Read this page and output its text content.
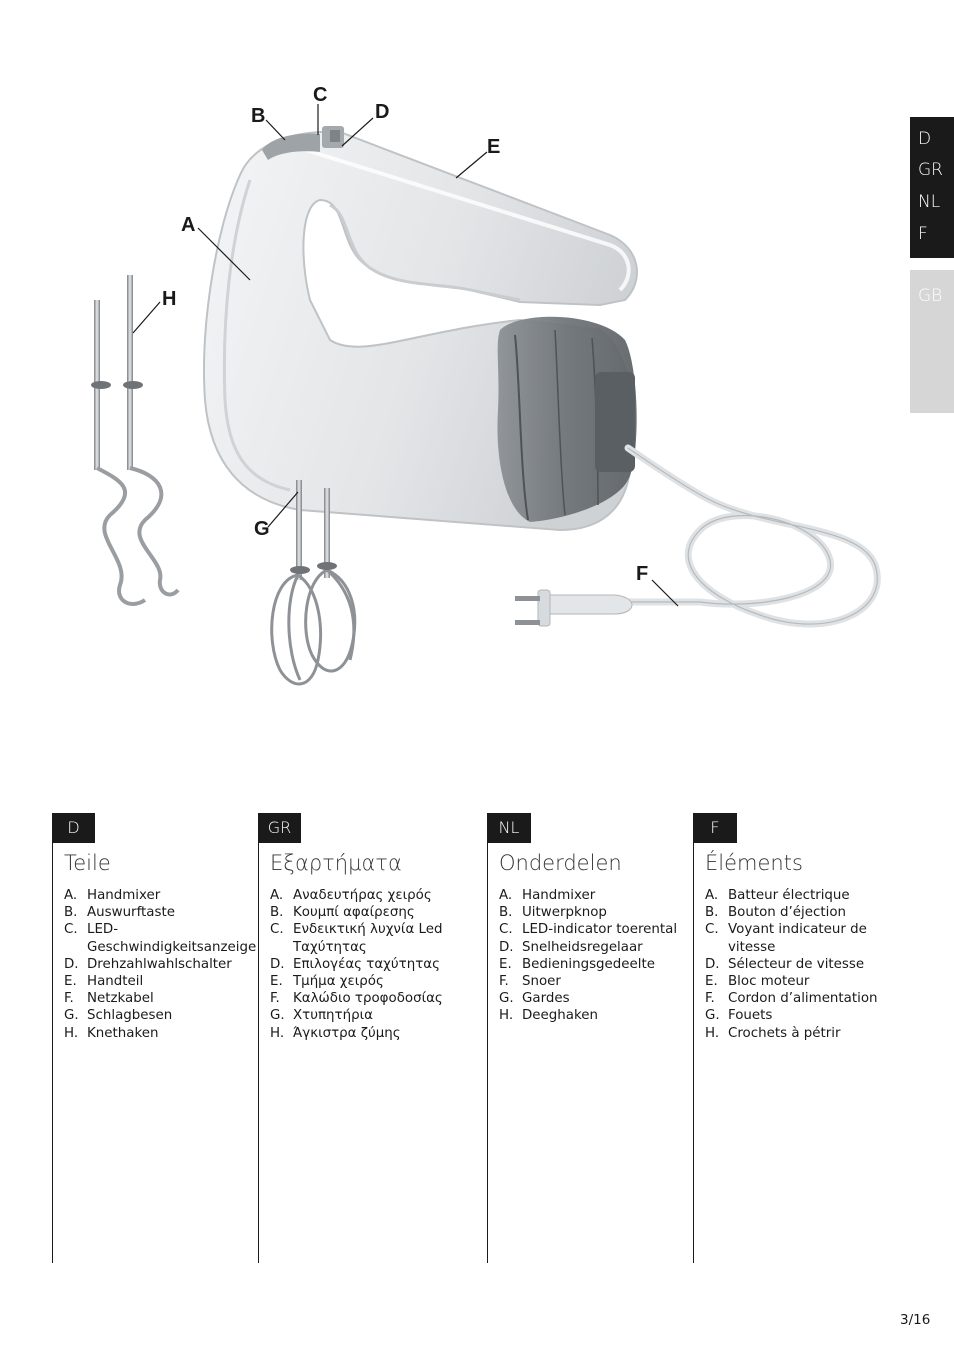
D
GR
NL
F
GB
A
B
C
D
E
F
G
H
D
Teile
A. Handmixer
B. Auswurftaste
C. LED-
Geschwindigkeitsanzeige
D. Drehzahlwahlschalter
E. Handteil
F. Netzkabel
G. Schlagbesen
H. Knethaken
GR
Εξαρτήματα
A. Αναδευτήρας χειρός
B. Κουμπί αφαίρεσης
C. Ενδεικτική λυχνία Led
Ταχύτητας
D. Επιλογέας ταχύτητας
E. Τμήμα χειρός
F. Καλώδιο τροφοδοσίας
G. Χτυπητήρια
H. Άγκιστρα ζύμης
NL
Onderdelen
A. Handmixer
B. Uitwerpknop
C. LED-indicator toerental
D. Snelheidsregelaar
E. Bedieningsgedeelte
F. Snoer
G. Gardes
H. Deeghaken
F
Éléments
A. Batteur électrique
B. Bouton d’éjection
C. Voyant indicateur de
vitesse
D. Sélecteur de vitesse
E. Bloc moteur
F. Cordon d’alimentation
G. Fouets
H. Crochets à pétrir
3/16
